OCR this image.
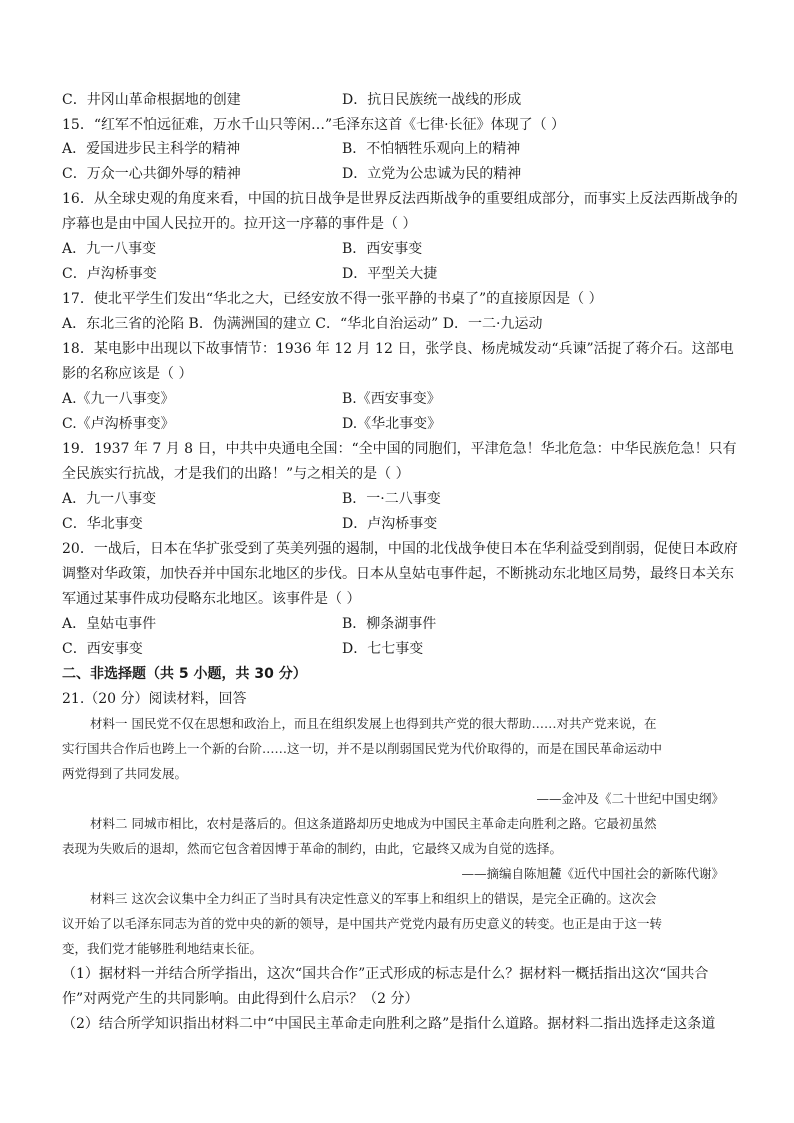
C．井冈山革命根据地的创建	D．抗日民族统一战线的形成
15．“红军不怕远征难，万水千山只等闲…”毛泽东这首《七律·长征》体现了（ ）
A．爱国进步民主科学的精神	B．不怕牺牲乐观向上的精神
C．万众一心共御外辱的精神	D．立党为公忠诚为民的精神
16．从全球史观的角度来看，中国的抗日战争是世界反法西斯战争的重要组成部分，而事实上反法西斯战争的
序幕也是由中国人民拉开的。拉开这一序幕的事件是（ ）
A．九一八事变	B．西安事变
C．卢沟桥事变	D．平型关大捷
17．使北平学生们发出“华北之大，已经安放不得一张平静的书桌了”的直接原因是（ ）
A．东北三省的沦陷 B．伪满洲国的建立 C．“华北自治运动” D．一二·九运动
18．某电影中出现以下故事情节：1936 年 12 月 12 日，张学良、杨虎城发动“兵谏”活捉了蒋介石。这部电
影的名称应该是（ ）
A.《九一八事变》	B.《西安事变》
C.《卢沟桥事变》	D.《华北事变》
19．1937 年 7 月 8 日，中共中央通电全国：“全中国的同胞们，平津危急！华北危急：中华民族危急！只有
全民族实行抗战，才是我们的出路！”与之相关的是（ ）
A．九一八事变	B．一·二八事变
C．华北事变	D．卢沟桥事变
20．一战后，日本在华扩张受到了英美列强的遏制，中国的北伐战争使日本在华利益受到削弱，促使日本政府
调整对华政策，加快吞并中国东北地区的步伐。日本从皇姑屯事件起，不断挑动东北地区局势，最终日本关东
军通过某事件成功侵略东北地区。该事件是（ ）
A．皇姑屯事件	B．柳条湖事件
C．西安事变	D．七七事变
二、非选择题（共 5 小题，共 30 分）
21.（20 分）阅读材料，回答
材料一 国民党不仅在思想和政治上，而且在组织发展上也得到共产党的很大帮助……对共产党来说，在
实行国共合作后也跨上一个新的台阶……这一切，并不是以削弱国民党为代价取得的，而是在国民革命运动中
两党得到了共同发展。
——金冲及《二十世纪中国史纲》
材料二 同城市相比，农村是落后的。但这条道路却历史地成为中国民主革命走向胜利之路。它最初虽然
表现为失败后的退却，然而它包含着因博于革命的制约，由此，它最终又成为自觉的选择。
——摘编自陈旭麓《近代中国社会的新陈代谢》
材料三 这次会议集中全力纠正了当时具有决定性意义的军事上和组织上的错误，是完全正确的。这次会
议开始了以毛泽东同志为首的党中央的新的领导，是中国共产党党内最有历史意义的转变。也正是由于这一转
变，我们党才能够胜利地结束长征。
（1）据材料一并结合所学指出，这次“国共合作”正式形成的标志是什么？据材料一概括指出这次“国共合
作”对两党产生的共同影响。由此得到什么启示？（2 分）
（2）结合所学知识指出材料二中“中国民主革命走向胜利之路”是指什么道路。据材料二指出选择走这条道
